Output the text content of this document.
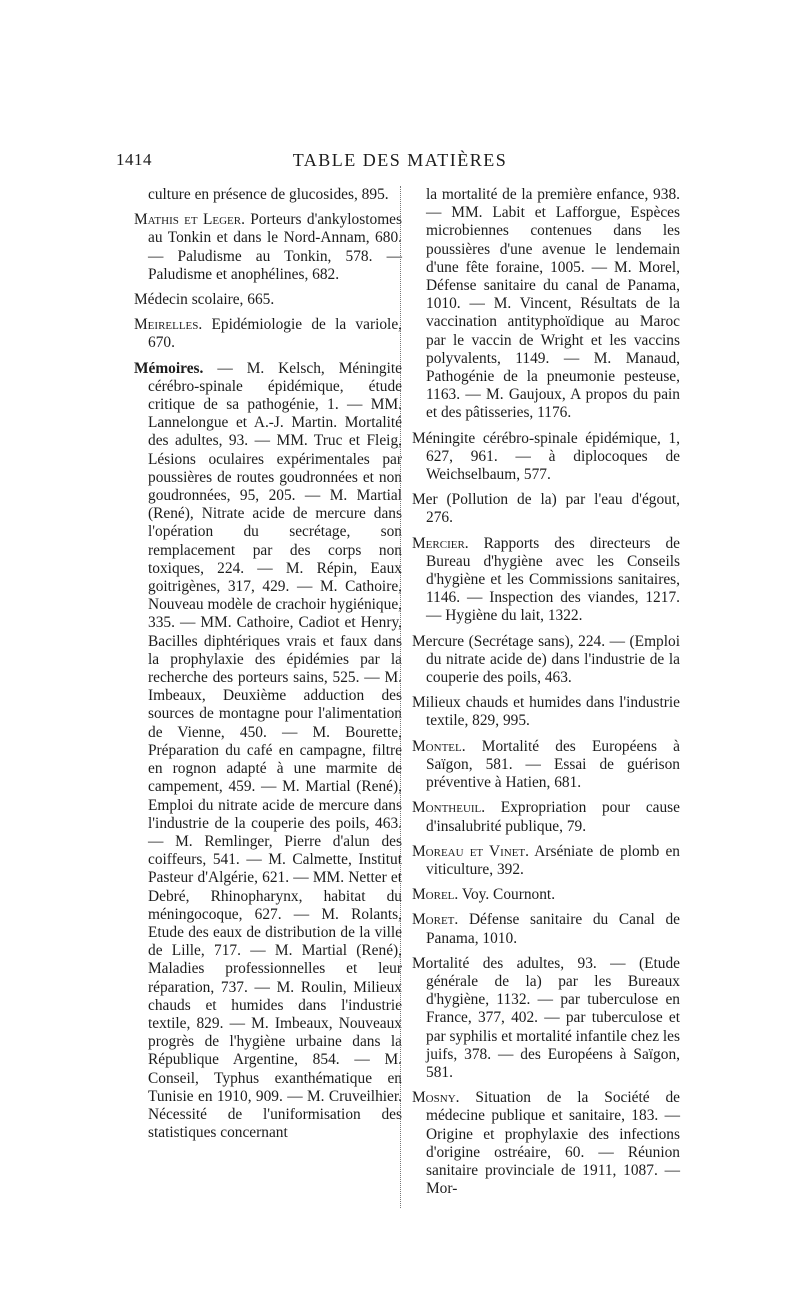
1414	TABLE DES MATIÈRES

culture en présence de glucosides, 895.

Mathis et Leger. Porteurs d'ankylostomes au Tonkin et dans le Nord-Annam, 680. — Paludisme au Tonkin, 578. — Paludisme et anophélines, 682.

Médecin scolaire, 665.

Meirelles. Epidémiologie de la variole, 670.

Mémoires. — M. Kelsch, Méningite cérébro-spinale épidémique, étude critique de sa pathogénie, 1. — MM. Lannelongue et A.-J. Martin. Mortalité des adultes, 93. — MM. Truc et Fleig, Lésions oculaires expérimentales par poussières de routes goudronnées et non goudronnées, 95, 205. — M. Martial (René), Nitrate acide de mercure dans l'opération du secrétage, son remplacement par des corps non toxiques, 224. — M. Répin, Eaux goitrigènes, 317, 429. — M. Cathoire, Nouveau modèle de crachoir hygiénique, 335. — MM. Cathoire, Cadiot et Henry, Bacilles diphtériques vrais et faux dans la prophylaxie des épidémies par la recherche des porteurs sains, 525. — M. Imbeaux, Deuxième adduction des sources de montagne pour l'alimentation de Vienne, 450. — M. Bourette, Préparation du café en campagne, filtre en rognon adapté à une marmite de campement, 459. — M. Martial (René), Emploi du nitrate acide de mercure dans l'industrie de la couperie des poils, 463. — M. Remlinger, Pierre d'alun des coiffeurs, 541. — M. Calmette, Institut Pasteur d'Algérie, 621. — MM. Netter et Debré, Rhinopharynx, habitat du méningocoque, 627. — M. Rolants, Etude des eaux de distribution de la ville de Lille, 717. — M. Martial (René), Maladies professionnelles et leur réparation, 737. — M. Roulin, Milieux chauds et humides dans l'industrie textile, 829. — M. Imbeaux, Nouveaux progrès de l'hygiène urbaine dans la République Argentine, 854. — M. Conseil, Typhus exanthématique en Tunisie en 1910, 909. — M. Cruveilhier. Nécessité de l'uniformisation des statistiques concernant

la mortalité de la première enfance, 938. — MM. Labit et Lafforgue, Espèces microbiennes contenues dans les poussières d'une avenue le lendemain d'une fête foraine, 1005. — M. Morel, Défense sanitaire du canal de Panama, 1010. — M. Vincent, Résultats de la vaccination antityphoïdique au Maroc par le vaccin de Wright et les vaccins polyvalents, 1149. — M. Manaud, Pathogénie de la pneumonie pesteuse, 1163. — M. Gaujoux, A propos du pain et des pâtisseries, 1176.

Méningite cérébro-spinale épidémique, 1, 627, 961. — à diplocoques de Weichselbaum, 577.

Mer (Pollution de la) par l'eau d'égout, 276.

Mercier. Rapports des directeurs de Bureau d'hygiène avec les Conseils d'hygiène et les Commissions sanitaires, 1146. — Inspection des viandes, 1217. — Hygiène du lait, 1322.

Mercure (Secrétage sans), 224. — (Emploi du nitrate acide de) dans l'industrie de la couperie des poils, 463.

Milieux chauds et humides dans l'industrie textile, 829, 995.

Montel. Mortalité des Européens à Saïgon, 581. — Essai de guérison préventive à Hatien, 681.

Montheuil. Expropriation pour cause d'insalubrité publique, 79.

Moreau et Vinet. Arséniate de plomb en viticulture, 392.

Morel. Voy. Cournont.

Moret. Défense sanitaire du Canal de Panama, 1010.

Mortalité des adultes, 93. — (Etude générale de la) par les Bureaux d'hygiène, 1132. — par tuberculose en France, 377, 402. — par tuberculose et par syphilis et mortalité infantile chez les juifs, 378. — des Européens à Saïgon, 581.

Mosny. Situation de la Société de médecine publique et sanitaire, 183. — Origine et prophylaxie des infections d'origine ostréaire, 60. — Réunion sanitaire provinciale de 1911, 1087. — Mor-
